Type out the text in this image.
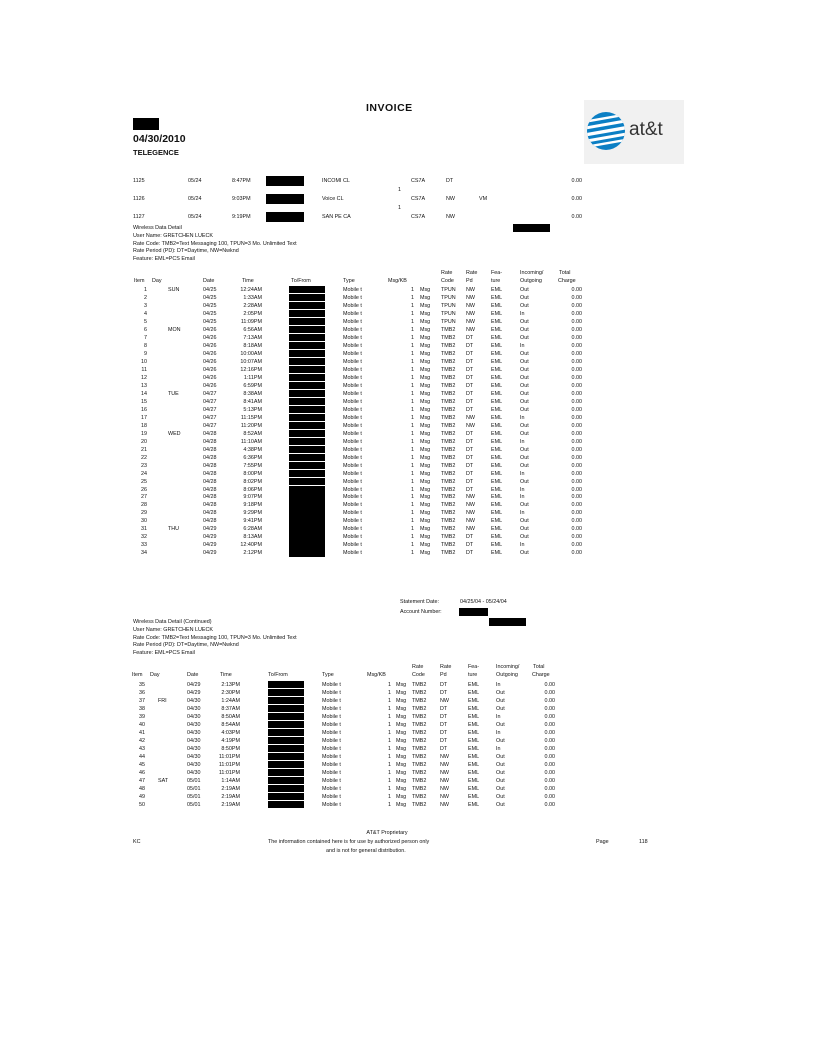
INVOICE
04/30/2010
TELEGENCE
at&t
1125	05/24	8:47PM	INCOMI CL	CS7A	DT
1
0.00
1126	05/24	9:03PM	Voice CL	CS7A	NW	VM
1
0.00
1127	05/24	9:19PM	SAN PE CA	CS7A	NW	0.00
Wireless Data Detail
User Name: GRETCHEN LUECK
Rate Code: TMB2=Text Messaging 100, TPUN=3 Mo. Unlimited Text
Rate Period (PD): DT=Daytime, NW=Nwknd
Feature: EML=PCS Email
Rate	Rate	Fea-	Incoming/	Total
Item Day	Date	Time	To/From	Type	Msg/KB	Code Pd	ture	Outgoing	Charge
1	SUN	04/25	12:24AM	Mobile t	1 Msg TPUN NW	EML	Out	0.00
2	04/25	1:33AM	Mobile t	1 Msg TPUN NW	EML	Out	0.00
3	04/25	2:28AM	Mobile t	1 Msg TPUN NW	EML	Out	0.00
4	04/25	2:05PM	Mobile t	1 Msg TPUN NW	EML	In	0.00
5	04/25	11:09PM	Mobile t	1 Msg TPUN NW	EML	Out	0.00
6	MON	04/26	6:56AM	Mobile t	1 Msg TMB2 NW	EML	Out	0.00
7	04/26	7:13AM	Mobile t	1 Msg TMB2 DT	EML	Out	0.00
8	04/26	8:18AM	Mobile t	1 Msg TMB2 DT	EML	In	0.00
9	04/26	10:00AM	Mobile t	1 Msg TMB2 DT	EML	Out	0.00
10	04/26	10:07AM	Mobile t	1 Msg TMB2 DT	EML	Out	0.00
11	04/26	12:16PM	Mobile t	1 Msg TMB2 DT	EML	Out	0.00
12	04/26	1:11PM	Mobile t	1 Msg TMB2 DT	EML	Out	0.00
13	04/26	6:59PM	Mobile t	1 Msg TMB2 DT	EML	Out	0.00
14	TUE	04/27	8:38AM	Mobile t	1 Msg TMB2 DT	EML	Out	0.00
15	04/27	8:41AM	Mobile t	1 Msg TMB2 DT	EML	Out	0.00
16	04/27	5:13PM	Mobile t	1 Msg TMB2 DT	EML	Out	0.00
17	04/27	11:15PM	Mobile t	1 Msg TMB2 NW	EML	In	0.00
18	04/27	11:20PM	Mobile t	1 Msg TMB2 NW	EML	Out	0.00
19	WED	04/28	8:52AM	Mobile t	1 Msg TMB2 DT	EML	Out	0.00
20	04/28	11:10AM	Mobile t	1 Msg TMB2 DT	EML	In	0.00
21	04/28	4:38PM	Mobile t	1 Msg TMB2 DT	EML	Out	0.00
22	04/28	6:36PM	Mobile t	1 Msg TMB2 DT	EML	Out	0.00
23	04/28	7:55PM	Mobile t	1 Msg TMB2 DT	EML	Out	0.00
24	04/28	8:00PM	Mobile t	1 Msg TMB2 DT	EML	In	0.00
25	04/28	8:02PM	Mobile t	1 Msg TMB2 DT	EML	Out	0.00
26	04/28	8:06PM	Mobile t	1 Msg TMB2 DT	EML	In	0.00
27	04/28	9:07PM	Mobile t	1 Msg TMB2 NW	EML	In	0.00
28	04/28	9:18PM	Mobile t	1 Msg TMB2 NW	EML	Out	0.00
29	04/28	9:29PM	Mobile t	1 Msg TMB2 NW	EML	In	0.00
30	04/28	9:41PM	Mobile t	1 Msg TMB2 NW	EML	Out	0.00
31	THU	04/29	6:28AM	Mobile t	1 Msg TMB2 NW	EML	Out	0.00
32	04/29	8:13AM	Mobile t	1 Msg TMB2 DT	EML	Out	0.00
33	04/29	12:40PM	Mobile t	1 Msg TMB2 DT	EML	In	0.00
34	04/29	2:12PM	Mobile t	1 Msg TMB2 DT	EML	Out	0.00
Statement Date:	04/25/04 - 05/24/04
Account Number:
Wireless Data Detail (Continued)
User Name: GRETCHEN LUECK
Rate Code: TMB2=Text Messaging 100, TPUN=3 Mo. Unlimited Text
Rate Period (PD): DT=Daytime, NW=Nwknd
Feature: EML=PCS Email
Rate	Rate	Fea-	Incoming/	Total
Item Day	Date	Time	To/From	Type	Msg/KB	Code	Pd	ture	Outgoing	Charge
35	04/29	2:13PM	Mobile t	1 Msg TMB2	DT	EML	In	0.00
36	04/29	2:30PM	Mobile t	1 Msg TMB2	DT	EML	Out	0.00
37 FRI	04/30	1:24AM	Mobile t	1 Msg TMB2	NW	EML	Out	0.00
38	04/30	8:37AM	Mobile t	1 Msg TMB2	DT	EML	Out	0.00
39	04/30	8:50AM	Mobile t	1 Msg TMB2	DT	EML	In	0.00
40	04/30	8:54AM	Mobile t	1 Msg TMB2	DT	EML	Out	0.00
41	04/30	4:03PM	Mobile t	1 Msg TMB2	DT	EML	In	0.00
42	04/30	4:19PM	Mobile t	1 Msg TMB2	DT	EML	Out	0.00
43	04/30	8:50PM	Mobile t	1 Msg TMB2	DT	EML	In	0.00
44	04/30	11:01PM	Mobile t	1 Msg TMB2	NW	EML	Out	0.00
45	04/30	11:01PM	Mobile t	1 Msg TMB2	NW	EML	Out	0.00
46	04/30	11:01PM	Mobile t	1 Msg TMB2	NW	EML	Out	0.00
47 SAT	05/01	1:14AM	Mobile t	1 Msg TMB2	NW	EML	Out	0.00
48	05/01	2:19AM	Mobile t	1 Msg TMB2	NW	EML	Out	0.00
49	05/01	2:19AM	Mobile t	1 Msg TMB2	NW	EML	Out	0.00
50	05/01	2:19AM	Mobile t	1 Msg TMB2	NW	EML	Out	0.00
AT&T Proprietary
The information contained here is for use by authorized person only
and is not for general distribution.
KC	Page	118
